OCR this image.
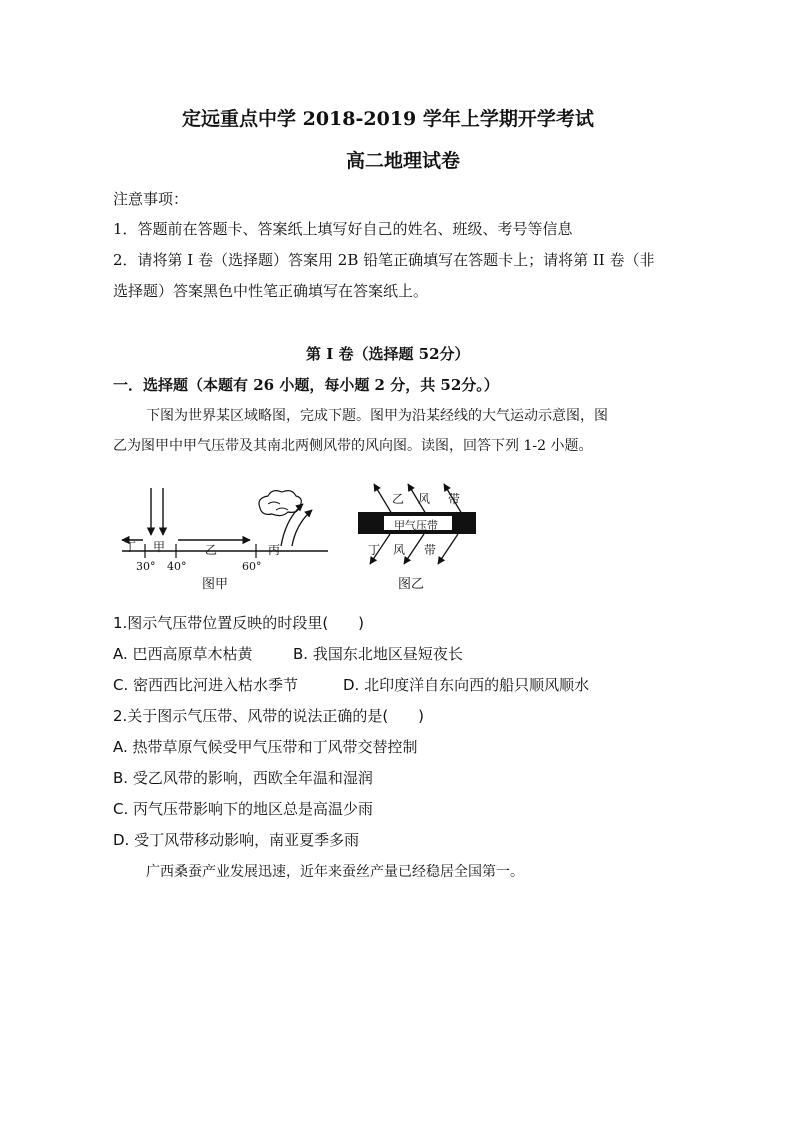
定远重点中学 2018-2019 学年上学期开学考试
高二地理试卷
注意事项：
1．答题前在答题卡、答案纸上填写好自己的姓名、班级、考号等信息
2．请将第 I 卷（选择题）答案用 2B 铅笔正确填写在答题卡上；请将第 II 卷（非
选择题）答案黑色中性笔正确填写在答案纸上。
第 I 卷（选择题 52分）
一．选择题（本题有 26 小题，每小题 2 分，共 52分。）
下图为世界某区域略图，完成下题。图甲为沿某经线的大气运动示意图，图
乙为图甲中甲气压带及其南北两侧风带的风向图。读图，回答下列 1-2 小题。
丁 甲	乙	丙
30° 40°	60°
图甲
乙 风 带
甲气压带
丁 风 带
图乙
1.图示气压带位置反映的时段里(　　)
A. 巴西高原草木枯黄	B. 我国东北地区昼短夜长
C. 密西西比河进入枯水季节	D. 北印度洋自东向西的船只顺风顺水
2.关于图示气压带、风带的说法正确的是(　　)
A. 热带草原气候受甲气压带和丁风带交替控制
B. 受乙风带的影响，西欧全年温和湿润
C. 丙气压带影响下的地区总是高温少雨
D. 受丁风带移动影响，南亚夏季多雨
广西桑蚕产业发展迅速，近年来蚕丝产量已经稳居全国第一。
